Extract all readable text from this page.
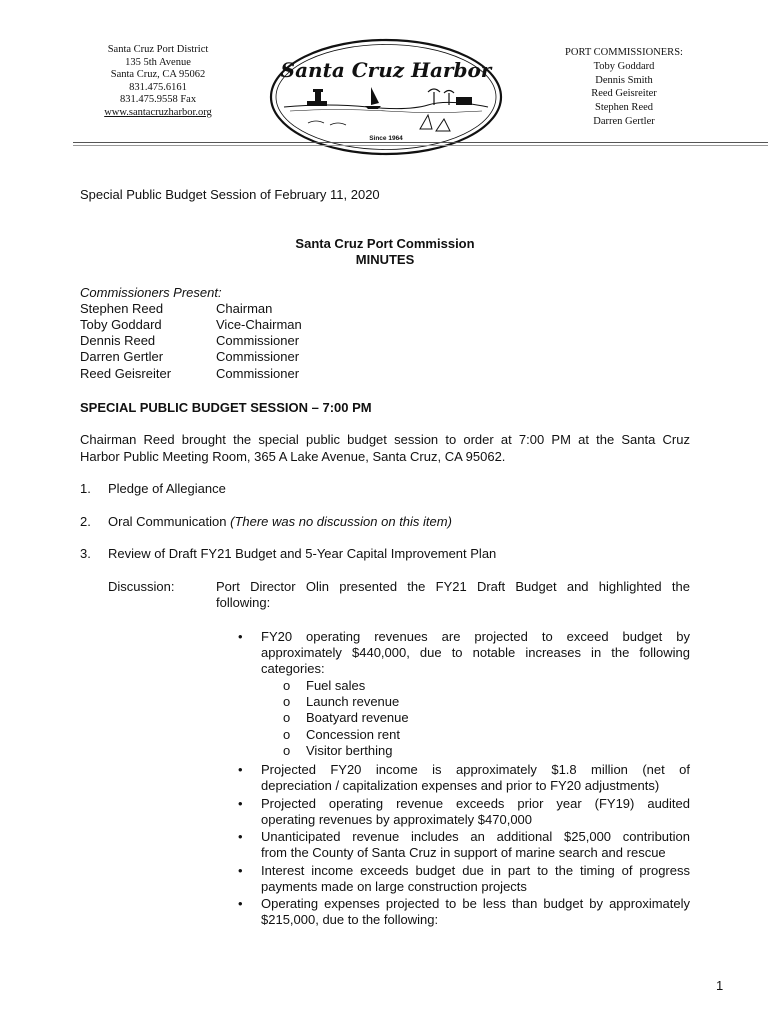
Santa Cruz Port District
135 5th Avenue
Santa Cruz, CA 95062
831.475.6161
831.475.9558 Fax
www.santacruzharbor.org
Santa Cruz Harbor
Since 1964
PORT COMMISSIONERS:
Toby Goddard
Dennis Smith
Reed Geisreiter
Stephen Reed
Darren Gertler
Special Public Budget Session of February 11, 2020
Santa Cruz Port Commission
MINUTES
Commissioners Present:
Stephen Reed	Chairman
Toby Goddard	Vice-Chairman
Dennis Reed	Commissioner
Darren Gertler	Commissioner
Reed Geisreiter	Commissioner
SPECIAL PUBLIC BUDGET SESSION – 7:00 PM
Chairman Reed brought the special public budget session to order at 7:00 PM at the Santa Cruz
Harbor Public Meeting Room, 365 A Lake Avenue, Santa Cruz, CA 95062.
1. Pledge of Allegiance
2. Oral Communication (There was no discussion on this item)
3. Review of Draft FY21 Budget and 5-Year Capital Improvement Plan
Discussion:	Port Director Olin presented the FY21 Draft Budget and highlighted the
following:
• FY20 operating revenues are projected to exceed budget by
approximately $440,000, due to notable increases in the following
categories:
o Fuel sales
o Launch revenue
o Boatyard revenue
o Concession rent
o Visitor berthing
• Projected FY20 income is approximately $1.8 million (net of
depreciation / capitalization expenses and prior to FY20 adjustments)
• Projected operating revenue exceeds prior year (FY19) audited
operating revenues by approximately $470,000
• Unanticipated revenue includes an additional $25,000 contribution
from the County of Santa Cruz in support of marine search and rescue
• Interest income exceeds budget due in part to the timing of progress
payments made on large construction projects
• Operating expenses projected to be less than budget by approximately
$215,000, due to the following:
1
